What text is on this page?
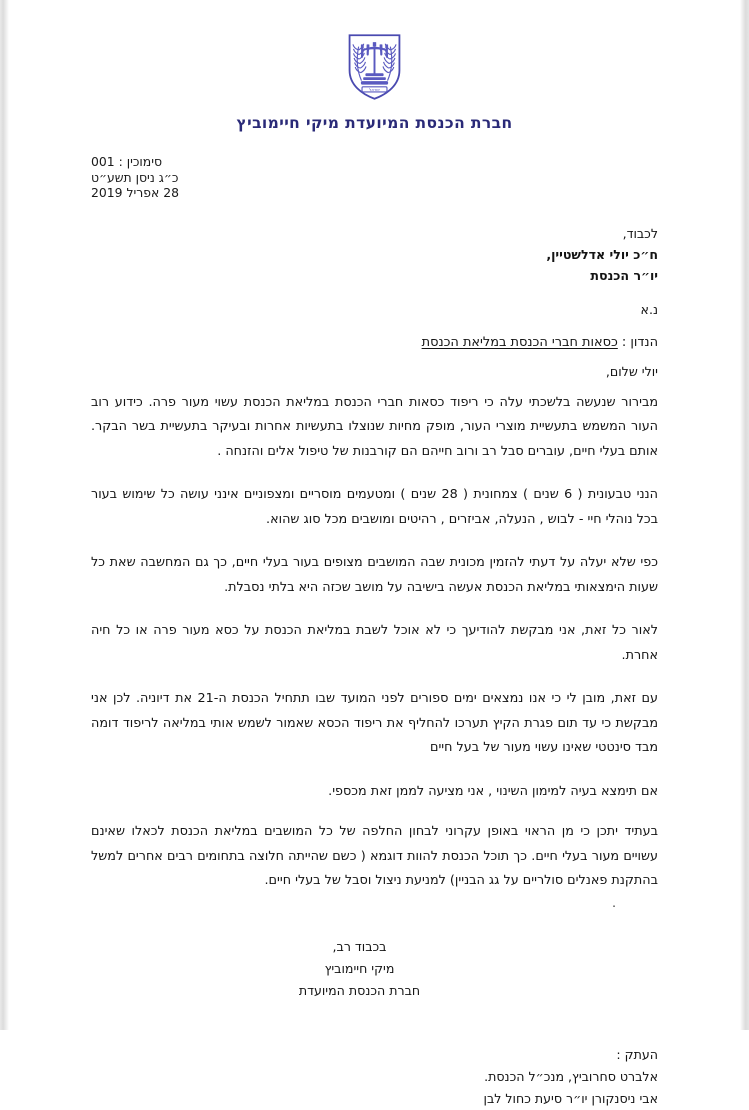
ישראל
חברת הכנסת המיועדת מיקי חיימוביץ
סימוכין : 001
כ״ג ניסן תשע״ט
28 אפריל 2019
לכבוד,
ח״כ יולי אדלשטיין,
יו״ר הכנסת
נ.א
הנדון : כסאות חברי הכנסת במליאת הכנסת
יולי שלום,

מבירור שנעשה בלשכתי עלה כי ריפוד כסאות חברי הכנסת במליאת הכנסת עשוי מעור פרה. כידוע רוב העור המשמש בתעשיית מוצרי העור, מופק מחיות שנוצלו בתעשיות אחרות ובעיקר בתעשיית בשר הבקר. אותם בעלי חיים, עוברים סבל רב ורוב חייהם הם קורבנות של טיפול אלים והזנחה .

הנני טבעונית ( 6 שנים ) צמחונית ( 28 שנים ) ומטעמים מוסריים ומצפוניים אינני עושה כל שימוש בעור בכל נוהלי חיי - לבוש , הנעלה, אביזרים , רהיטים ומושבים מכל סוג שהוא.

כפי שלא יעלה על דעתי להזמין מכונית שבה המושבים מצופים בעור בעלי חיים, כך גם המחשבה שאת כל שעות הימצאותי במליאת הכנסת אעשה בישיבה על מושב שכזה היא בלתי נסבלת.

לאור כל זאת, אני מבקשת להודיעך כי לא אוכל לשבת במליאת הכנסת על כסא מעור פרה או כל חיה אחרת.

עם זאת, מובן לי כי אנו נמצאים ימים ספורים לפני המועד שבו תתחיל הכנסת ה-21 את דיוניה. לכן אני מבקשת כי עד תום פגרת הקיץ תערכו להחליף את ריפוד הכסא שאמור לשמש אותי במליאה לריפוד דומה מבד סינטטי שאינו עשוי מעור של בעל חיים

אם תימצא בעיה למימון השינוי , אני מציעה לממן זאת מכספי.

בעתיד יתכן כי מן הראוי באופן עקרוני לבחון החלפה של כל המושבים במליאת הכנסת לכאלו שאינם עשויים מעור בעלי חיים. כך תוכל הכנסת להוות דוגמא ( כשם שהייתה חלוצה בתחומים רבים אחרים למשל בהתקנת פאנלים סולריים על גג הבניין) למניעת ניצול וסבל של בעלי חיים.

.
בכבוד רב,
מיקי חיימוביץ
חברת הכנסת המיועדת
העתק :
אלברט סחרוביץ, מנכ״ל הכנסת.
אבי ניסנקורן יו״ר סיעת כחול לבן
